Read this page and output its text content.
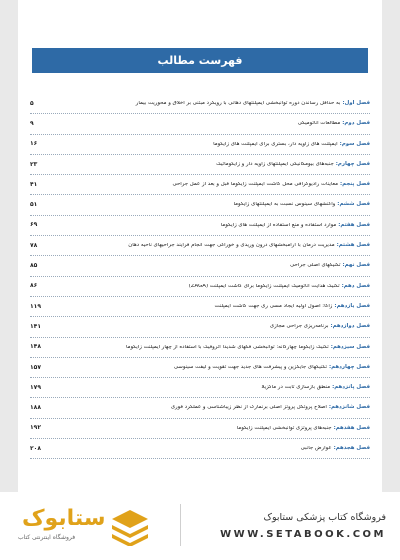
فهرست مطالب
فصل اول:
به حداقل رساندن دوره توانبخشی ایمپلنتهای دهانی با رویکرد مبتنی بر اخلاق و محوریت بیمار
۵
فصل دوم:
مطالعات آناتومیکی
۹
فصل سوم:
ایمپلنت های زاویه دار، بستری برای ایمپلنت های زایگوما
۱۶
فصل چهارم:
جنبه‌های بیومکانیکی ایمپلنتهای زاویه دار و زایگوماتیک
۲۳
فصل پنجم:
معاینات رادیوگرافی محل کاشت ایمپلنت زایگوما قبل و بعد از عمل جراحی
۴۱
فصل ششم:
واکنشهای سینوس نسبت به ایمپلنتهای زایگوما
۵۱
فصل هفتم:
موارد استفاده و منع استفاده از ایمپلنت های زایگوما
۶۹
فصل هشتم:
مدیریت درمان با آرامبخشهای درون وریدی و خوراکی جهت انجام فرآیند جراحیهای ناحیه دهان
۷۸
فصل نهم:
تکنیکهای اصلی جراحی
۸۵
فصل دهم:
تکنیک هدایت آناتومیک ایمپلنت زایگوما برای کاشت ایمپلنت (ZAGA)
۸۶
فصل یازدهم:
زاگا: اصول اولیه ایجاد مسی ری جهت کاشت ایمپلنت
۱۱۹
فصل دوازدهم:
برنامه‌ریزی جراحی مجازی
۱۴۱
فصل سیزدهم:
تکنیک زایگوما چهارگانه: توانبخشی فکهای شدیداً آتروفیک با استفاده از چهار ایمپلنت زایگوما
۱۴۸
فصل چهاردهم:
تکنیکهای جایگزین و پیشرفت های جدید جهت تقویت و لیفت سینوسی
۱۵۷
فصل پانزدهم:
منطق بازسازی ثابت در ماگزیلا
۱۷۹
فصل شانزدهم:
اصلاح پروتکل پروتز اصلی برنمارک از نظر زیباشناسی و عملکرد فوری
۱۸۸
فصل هفدهم:
جنبه‌های پروتزی توانبخشی ایمپلنت زایگوما
۱۹۲
فصل هجدهم:
عوارض جانبی
۲۰۸
ستابوک
فروشگاه اینترنتی کتاب
فروشگاه کتاب پزشکی ستابوک
WWW.SETABOOK.COM
